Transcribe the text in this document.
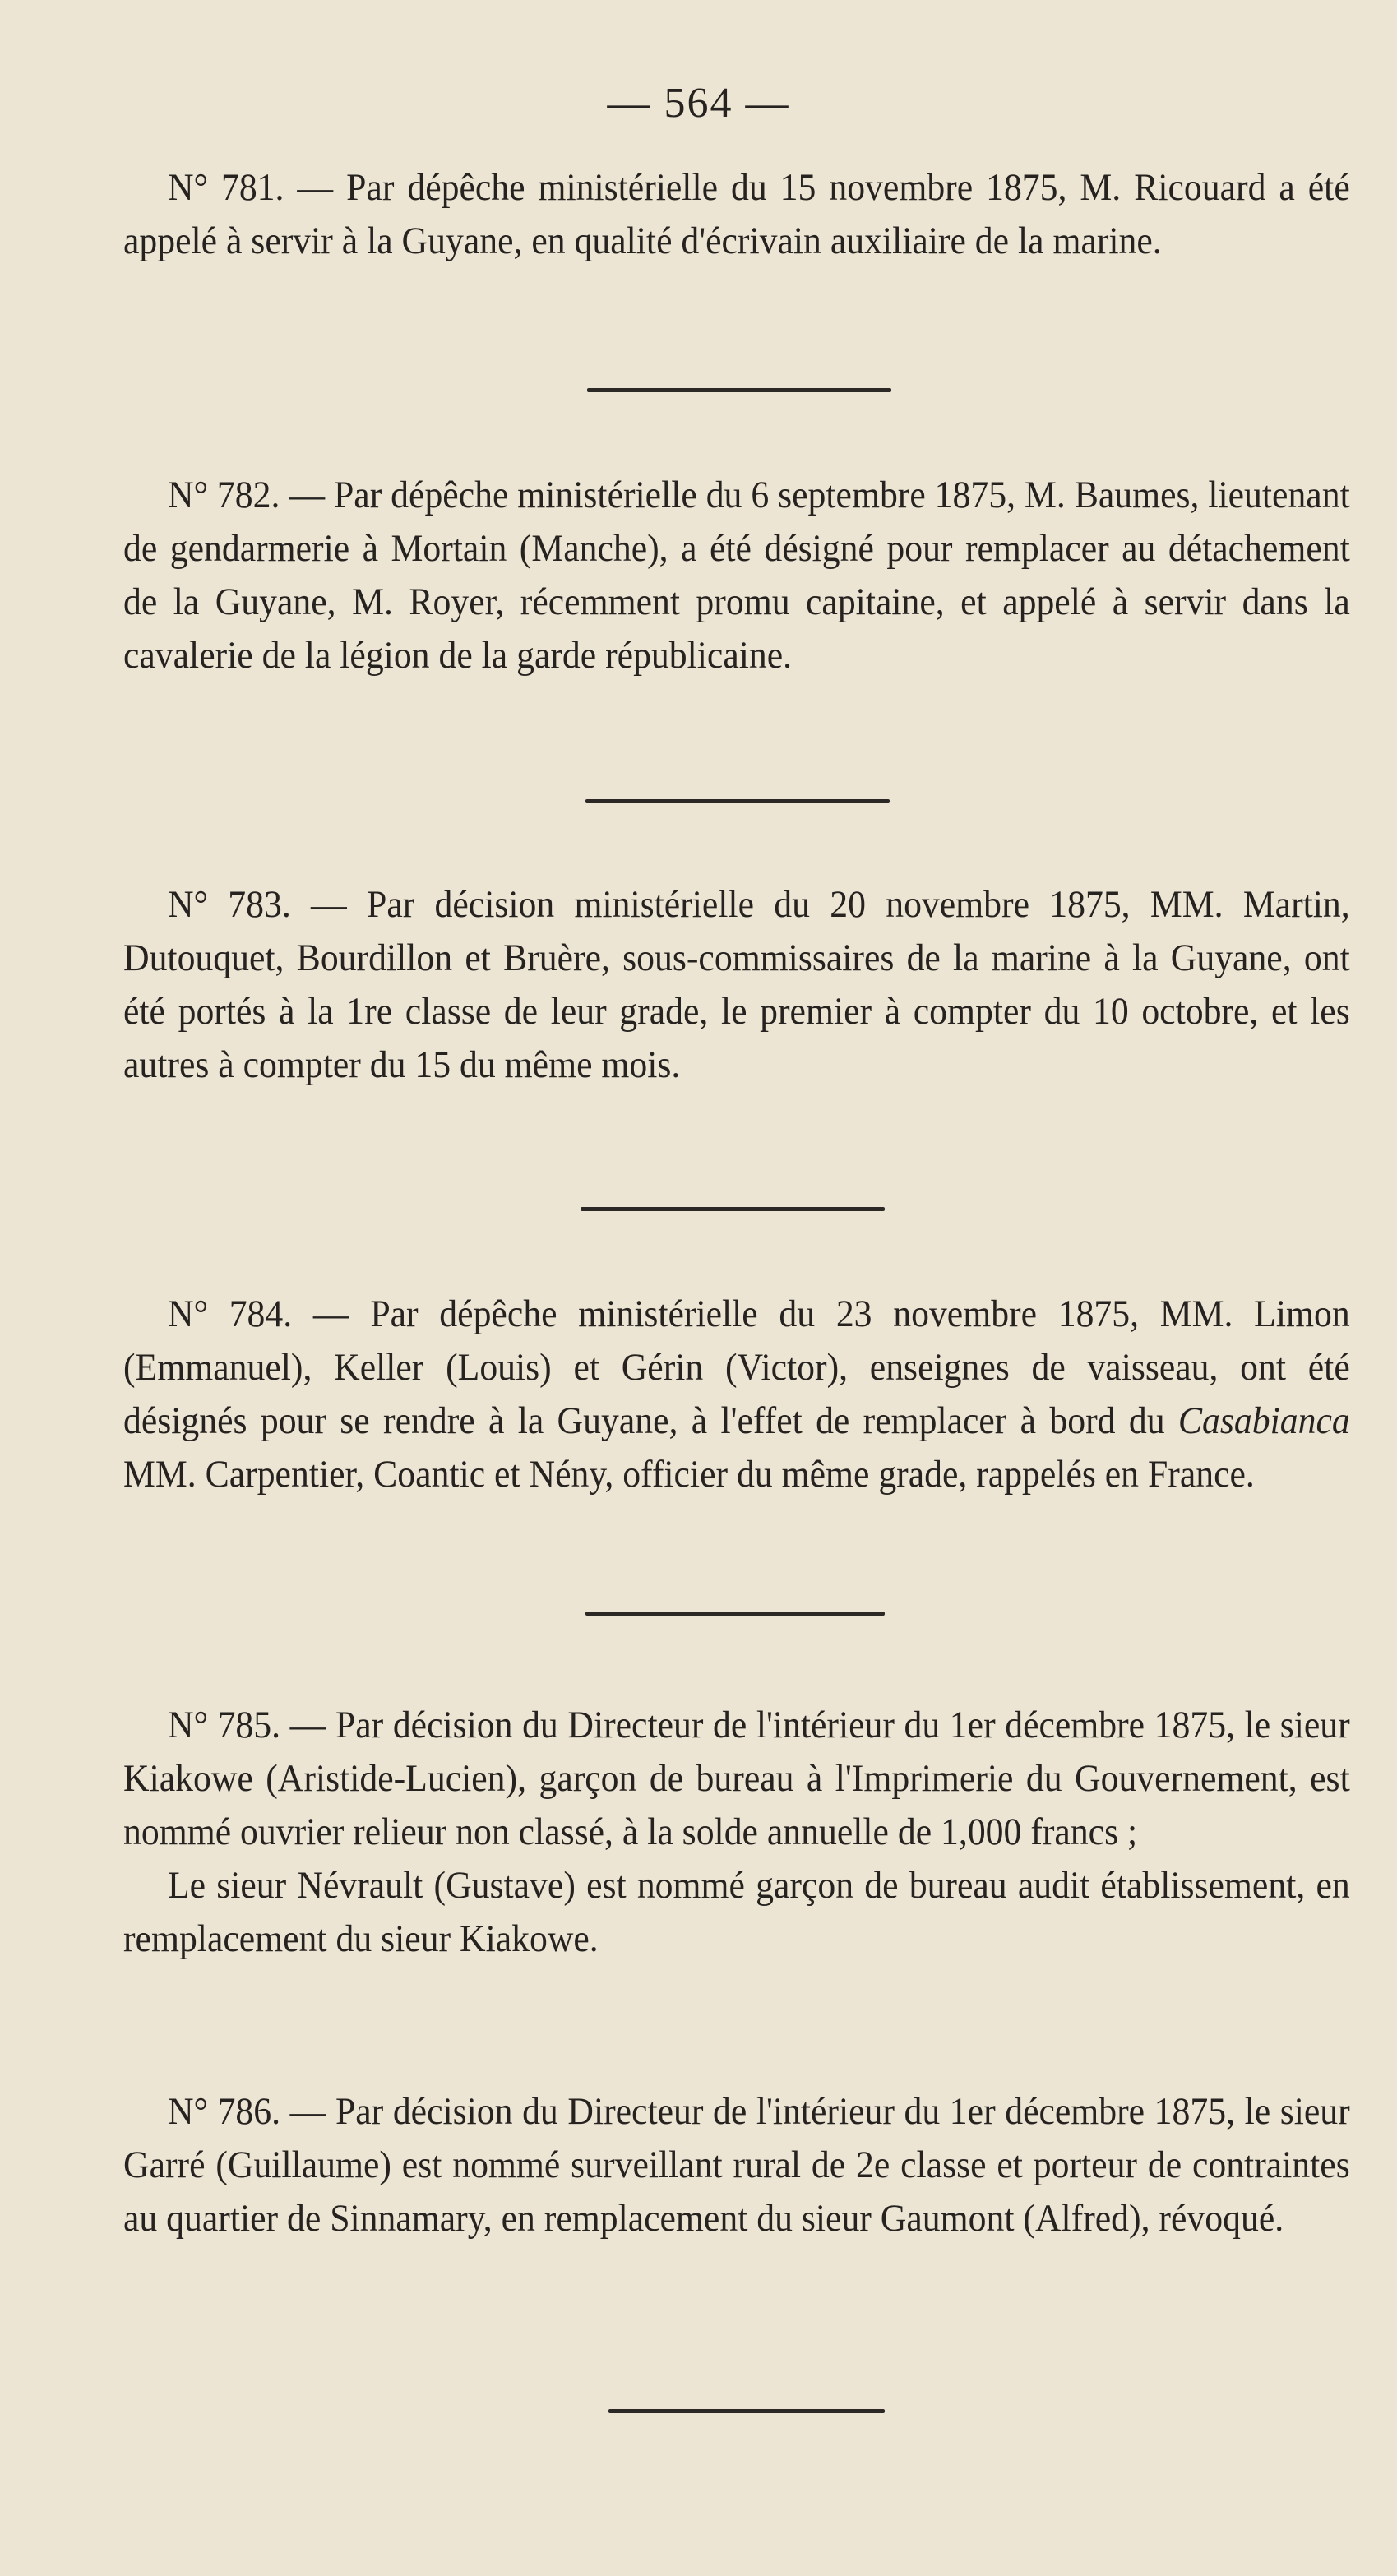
— 564 —

N° 781. — Par dépêche ministérielle du 15 novembre 1875, M. Ricouard a été appelé à servir à la Guyane, en qualité d'écrivain auxiliaire de la marine.

N° 782. — Par dépêche ministérielle du 6 septembre 1875, M. Baumes, lieutenant de gendarmerie à Mortain (Manche), a été désigné pour remplacer au détachement de la Guyane, M. Royer, récemment promu capitaine, et appelé à servir dans la cavalerie de la légion de la garde républicaine.

N° 783. — Par décision ministérielle du 20 novembre 1875, MM. Martin, Dutouquet, Bourdillon et Bruère, sous-commissaires de la marine à la Guyane, ont été portés à la 1re classe de leur grade, le premier à compter du 10 octobre, et les autres à compter du 15 du même mois.

N° 784. — Par dépêche ministérielle du 23 novembre 1875, MM. Limon (Emmanuel), Keller (Louis) et Gérin (Victor), enseignes de vaisseau, ont été désignés pour se rendre à la Guyane, à l'effet de remplacer à bord du Casabianca MM. Carpentier, Coantic et Nény, officier du même grade, rappelés en France.

N° 785. — Par décision du Directeur de l'intérieur du 1er décembre 1875, le sieur Kiakowe (Aristide-Lucien), garçon de bureau à l'Imprimerie du Gouvernement, est nommé ouvrier relieur non classé, à la solde annuelle de 1,000 francs ;

Le sieur Névrault (Gustave) est nommé garçon de bureau audit établissement, en remplacement du sieur Kiakowe.

N° 786. — Par décision du Directeur de l'intérieur du 1er décembre 1875, le sieur Garré (Guillaume) est nommé surveillant rural de 2e classe et porteur de contraintes au quartier de Sinnamary, en remplacement du sieur Gaumont (Alfred), révoqué.
